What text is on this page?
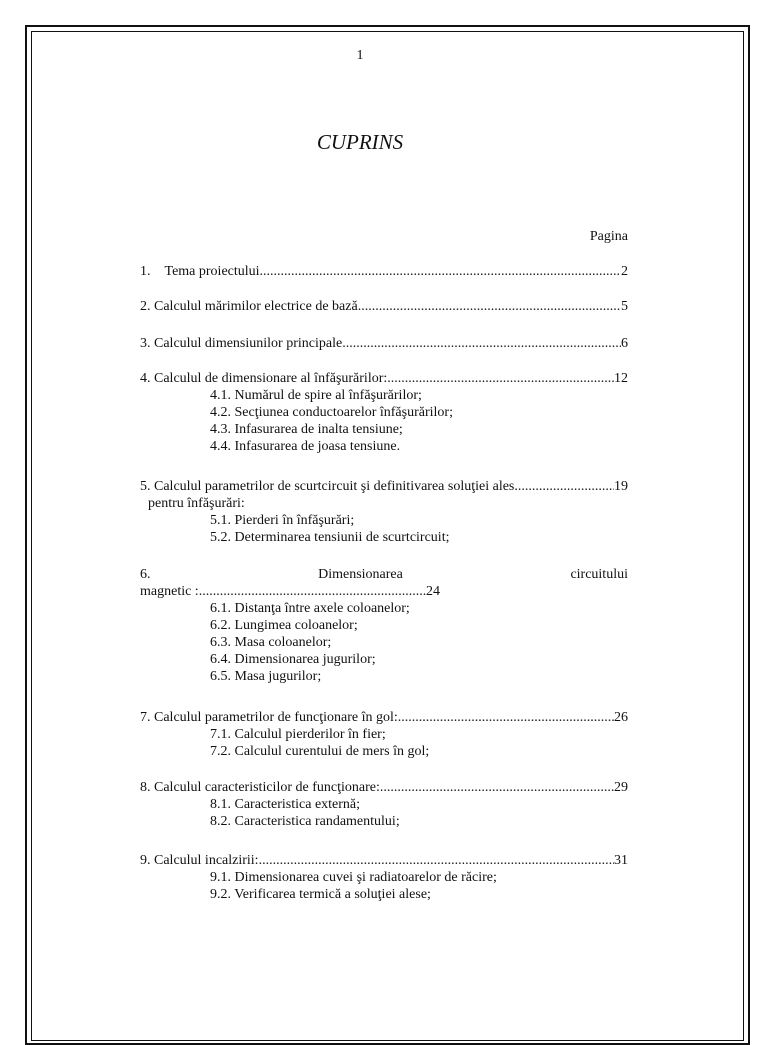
1
CUPRINS
Pagina
1.	Tema proiectului .....	2
2.
Calculul mărimilor electrice de bază .....	5
3.
Calculul dimensiunilor principale .....	6
4.
Calculul de dimensionare al înfăşurărilor: .....	12
4.1. Numărul de spire al înfăşurărilor;
4.2. Secţiunea conductoarelor înfăşurărilor;
4.3. Infasurarea de inalta tensiune;
4.4. Infasurarea de joasa tensiune.
5.
Calculul parametrilor de scurtcircuit şi definitivarea soluţiei ales .....	19
pentru înfăşurări:
5.1. Pierderi în înfăşurări;
5.2. Determinarea tensiunii de scurtcircuit;
6.	Dimensionarea	circuitului
magnetic : .....	24
6.1. Distanţa între axele coloanelor;
6.2. Lungimea coloanelor;
6.3. Masa coloanelor;
6.4. Dimensionarea jugurilor;
6.5. Masa jugurilor;
7.
Calculul parametrilor de funcţionare în gol: .....	26
7.1. Calculul pierderilor în fier;
7.2. Calculul curentului de mers în gol;
8.
Calculul caracteristicilor de funcţionare: .....	29
8.1. Caracteristica externă;
8.2. Caracteristica randamentului;
9.
Calculul incalzirii: .....	31
9.1. Dimensionarea cuvei şi radiatoarelor de răcire;
9.2. Verificarea termică a soluţiei alese;
